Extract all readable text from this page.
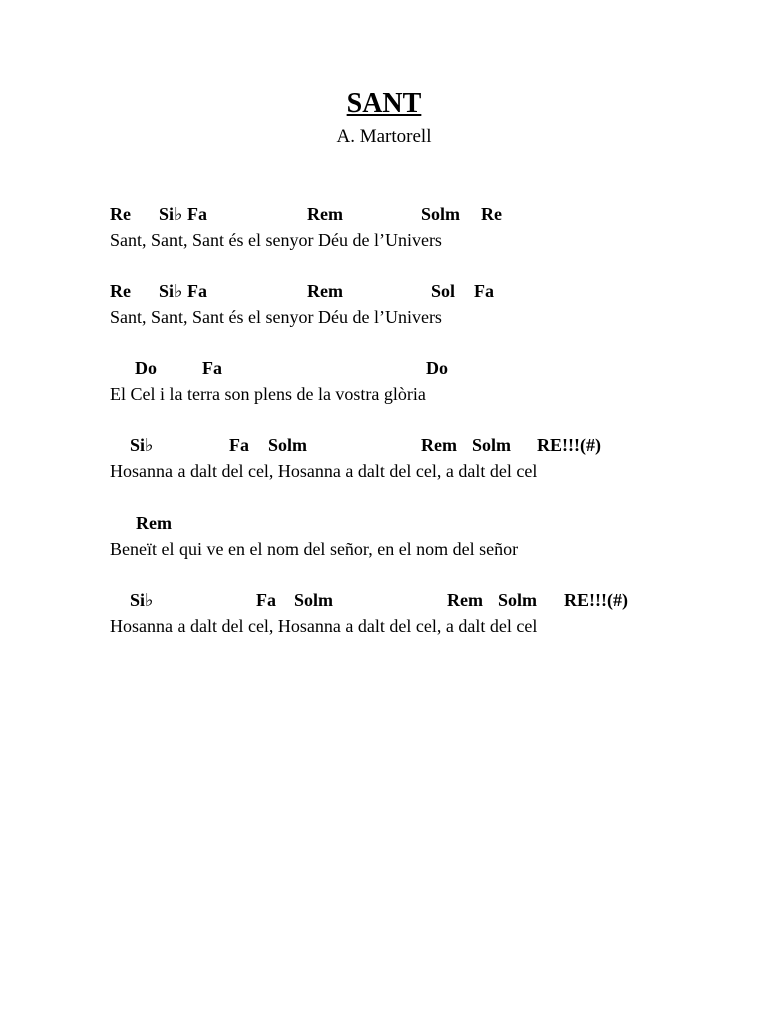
SANT
A. Martorell
Re Si♭ Fa	Rem	Solm Re
Sant, Sant, Sant és el senyor Déu de l’Univers
Re Si♭ Fa	Rem	Sol Fa
Sant, Sant, Sant és el senyor Déu de l’Univers
Do	Fa	Do
El Cel i la terra son plens de la vostra glòria
Si♭	Fa Solm	Rem Solm RE!!!(#)
Hosanna a dalt del cel, Hosanna a dalt del cel, a dalt del cel
Rem
Beneït el qui ve en el nom del señor, en el nom del señor
Si♭	Fa Solm	Rem Solm RE!!!(#)
Hosanna a dalt del cel, Hosanna a dalt del cel, a dalt del cel
